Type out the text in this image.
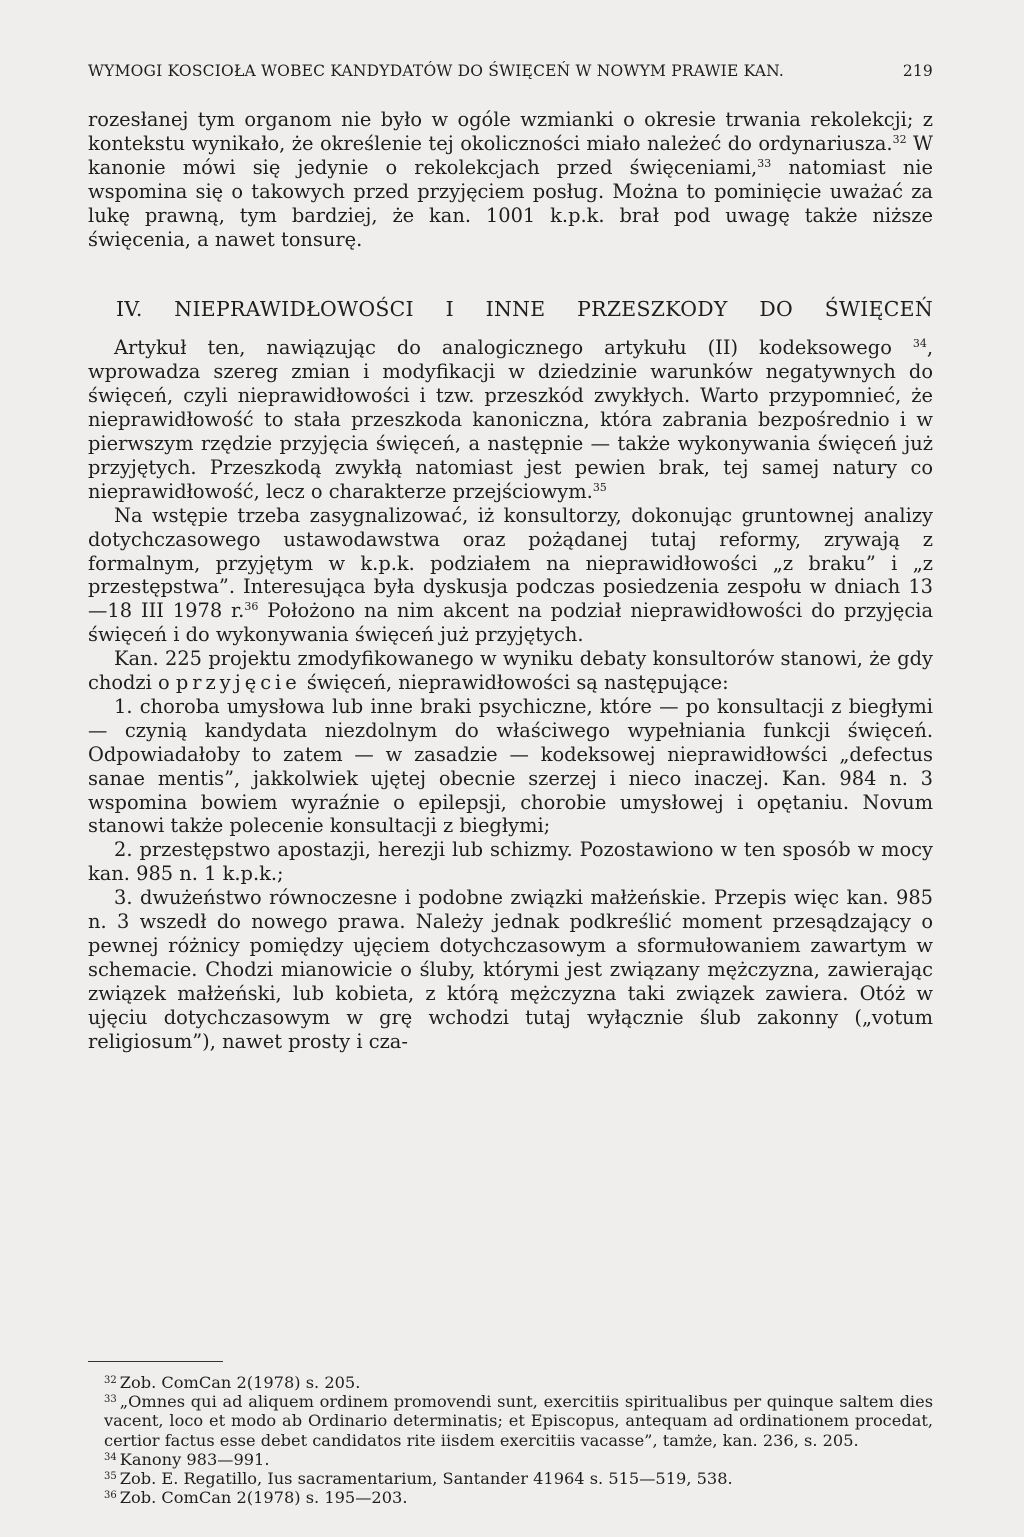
WYMOGI KOSCIOŁA WOBEC KANDYDATÓW DO ŚWIĘCEŃ W NOWYM PRAWIE KAN.	219

rozesłanej tym organom nie było w ogóle wzmianki o okresie trwania rekolekcji; z kontekstu wynikało, że określenie tej okoliczności miało należeć do ordynariusza.$^{32}$ W kanonie mówi się jedynie o rekolekcjach przed święceniami,$^{33}$ natomiast nie wspomina się o takowych przed przyjęciem posług. Można to pominięcie uważać za lukę prawną, tym bardziej, że kan. 1001 k.p.k. brał pod uwagę także niższe święcenia, a nawet tonsurę.

IV. NIEPRAWIDŁOWOŚCI I INNE PRZESZKODY DO ŚWIĘCEŃ

Artykuł ten, nawiązując do analogicznego artykułu (II) kodeksowego $^{34}$, wprowadza szereg zmian i modyfikacji w dziedzinie warunków negatywnych do święceń, czyli nieprawidłowości i tzw. przeszkód zwykłych. Warto przypomnieć, że nieprawidłowość to stała przeszkoda kanoniczna, która zabrania bezpośrednio i w pierwszym rzędzie przyjęcia święceń, a następnie — także wykonywania święceń już przyjętych. Przeszkodą zwykłą natomiast jest pewien brak, tej samej natury co nieprawidłowość, lecz o charakterze przejściowym.$^{35}$

Na wstępie trzeba zasygnalizować, iż konsultorzy, dokonując gruntownej analizy dotychczasowego ustawodawstwa oraz pożądanej tutaj reformy, zrywają z formalnym, przyjętym w k.p.k. podziałem na nieprawidłowości „z braku” i „z przestępstwa”. Interesująca była dyskusja podczas posiedzenia zespołu w dniach 13—18 III 1978 r.$^{36}$ Położono na nim akcent na podział nieprawidłowości do przyjęcia święceń i do wykonywania święceń już przyjętych.

Kan. 225 projektu zmodyfikowanego w wyniku debaty konsultorów stanowi, że gdy chodzi o przyjęcie święceń, nieprawidłowości są następujące:

1. choroba umysłowa lub inne braki psychiczne, które — po konsultacji z biegłymi — czynią kandydata niezdolnym do właściwego wypełniania funkcji święceń. Odpowiadałoby to zatem — w zasadzie — kodeksowej nieprawidłowści „defectus sanae mentis”, jakkolwiek ujętej obecnie szerzej i nieco inaczej. Kan. 984 n. 3 wspomina bowiem wyraźnie o epilepsji, chorobie umysłowej i opętaniu. Novum stanowi także polecenie konsultacji z biegłymi;

2. przestępstwo apostazji, herezji lub schizmy. Pozostawiono w ten sposób w mocy kan. 985 n. 1 k.p.k.;

3. dwużeństwo równoczesne i podobne związki małżeńskie. Przepis więc kan. 985 n. 3 wszedł do nowego prawa. Należy jednak podkreślić moment przesądzający o pewnej różnicy pomiędzy ujęciem dotychczasowym a sformułowaniem zawartym w schemacie. Chodzi mianowicie o śluby, którymi jest związany mężczyzna, zawierając związek małżeński, lub kobieta, z którą mężczyzna taki związek zawiera. Otóż w ujęciu dotychczasowym w grę wchodzi tutaj wyłącznie ślub zakonny („votum religiosum”), nawet prosty i cza-

$^{32}$ Zob. ComCan 2(1978) s. 205.

$^{33}$ „Omnes qui ad aliquem ordinem promovendi sunt, exercitiis spiritualibus per quinque saltem dies vacent, loco et modo ab Ordinario determinatis; et Episcopus, antequam ad ordinationem procedat, certior factus esse debet candidatos rite iisdem exercitiis vacasse”, tamże, kan. 236, s. 205.

$^{34}$ Kanony 983—991.

$^{35}$ Zob. E. Regatillo, Ius sacramentarium, Santander 41964 s. 515—519, 538.

$^{36}$ Zob. ComCan 2(1978) s. 195—203.
